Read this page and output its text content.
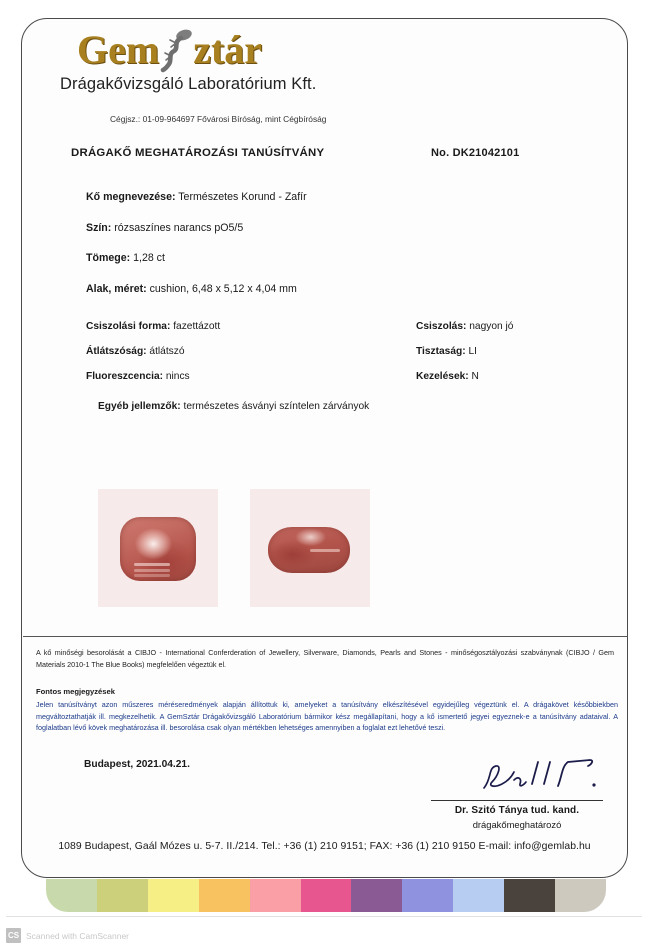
Gem ztár
Drágakővizsgáló Laboratórium Kft.
Cégjsz.: 01-09-964697 Fővárosi Bíróság, mint Cégbíróság
DRÁGAKŐ MEGHATÁROZÁSI TANÚSÍTVÁNY	No. DK21042101
Kő megnevezése: Természetes Korund - Zafír
Szín: rózsaszínes narancs pO5/5
Tömege: 1,28 ct
Alak, méret: cushion, 6,48 x 5,12 x 4,04 mm
Csiszolási forma: fazettázott	Csiszolás: nagyon jó
Átlátszóság: átlátszó	Tisztaság: LI
Fluoreszcencia: nincs	Kezelések: N
Egyéb jellemzők: természetes ásványi színtelen zárványok
A kő minőségi besorolását a CIBJO - International Conferderation of Jewellery, Silverware, Diamonds, Pearls and Stones - minőségosztályozási szabványnak (CIBJO / Gem Materials 2010-1 The Blue Books) megfelelően végeztük el.
Fontos megjegyzések
Jelen tanúsítványt azon műszeres méréseredmények alapján állítottuk ki, amelyeket a tanúsítvány elkészítésével egyidejűleg végeztünk el. A drágakövet későbbiekben megváltoztathatják ill. megkezelhetik. A GemSztár Drágakővizsgáló Laboratórium bármikor kész megállapítani, hogy a kő ismertető jegyei egyeznek-e a tanúsítvány adataival. A foglalatban lévő kövek meghatározása ill. besorolása csak olyan mértékben lehetséges amennyiben a foglalat ezt lehetővé teszi.
Budapest, 2021.04.21.
Dr. Szitó Tánya tud. kand.
drágakőmeghatározó
1089 Budapest, Gaál Mózes u. 5-7. II./214. Tel.: +36 (1) 210 9151; FAX: +36 (1) 210 9150 E-mail: info@gemlab.hu
CS Scanned with CamScanner
